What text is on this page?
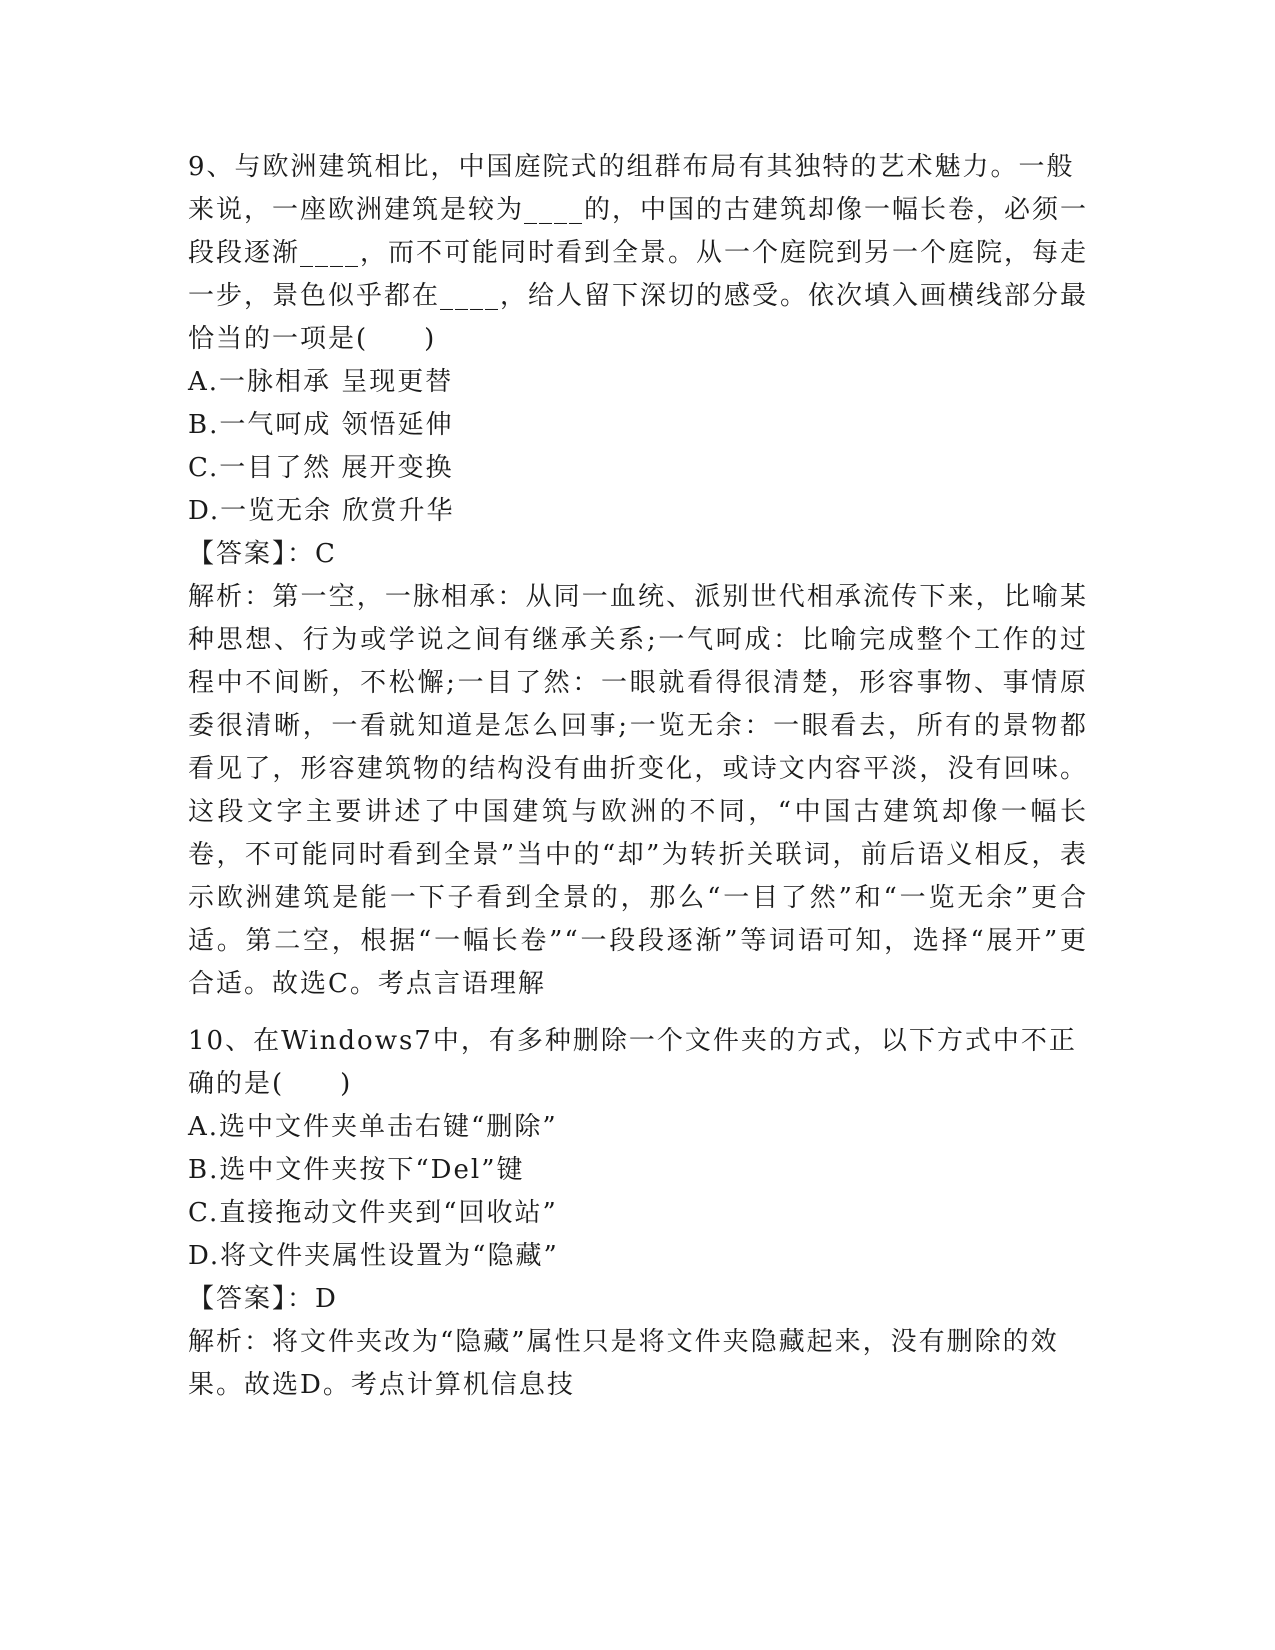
9、与欧洲建筑相比，中国庭院式的组群布局有其独特的艺术魅力。一般来说，一座欧洲建筑是较为____的，中国的古建筑却像一幅长卷，必须一段段逐渐____，而不可能同时看到全景。从一个庭院到另一个庭院，每走一步，景色似乎都在____，给人留下深切的感受。依次填入画横线部分最恰当的一项是(　　)

A.一脉相承 呈现更替

B.一气呵成 领悟延伸

C.一目了然 展开变换

D.一览无余 欣赏升华

【答案】：C

解析：第一空，一脉相承：从同一血统、派别世代相承流传下来，比喻某种思想、行为或学说之间有继承关系;一气呵成：比喻完成整个工作的过程中不间断，不松懈;一目了然：一眼就看得很清楚，形容事物、事情原委很清晰，一看就知道是怎么回事;一览无余：一眼看去，所有的景物都看见了，形容建筑物的结构没有曲折变化，或诗文内容平淡，没有回味。这段文字主要讲述了中国建筑与欧洲的不同，“中国古建筑却像一幅长卷，不可能同时看到全景”当中的“却”为转折关联词，前后语义相反，表示欧洲建筑是能一下子看到全景的，那么“一目了然”和“一览无余”更合适。第二空，根据“一幅长卷”“一段段逐渐”等词语可知，选择“展开”更合适。故选C。考点言语理解

10、在Windows7中，有多种删除一个文件夹的方式，以下方式中不正确的是(　　)

A.选中文件夹单击右键“删除”

B.选中文件夹按下“Del”键

C.直接拖动文件夹到“回收站”

D.将文件夹属性设置为“隐藏”

【答案】：D

解析：将文件夹改为“隐藏”属性只是将文件夹隐藏起来，没有删除的效果。故选D。考点计算机信息技
